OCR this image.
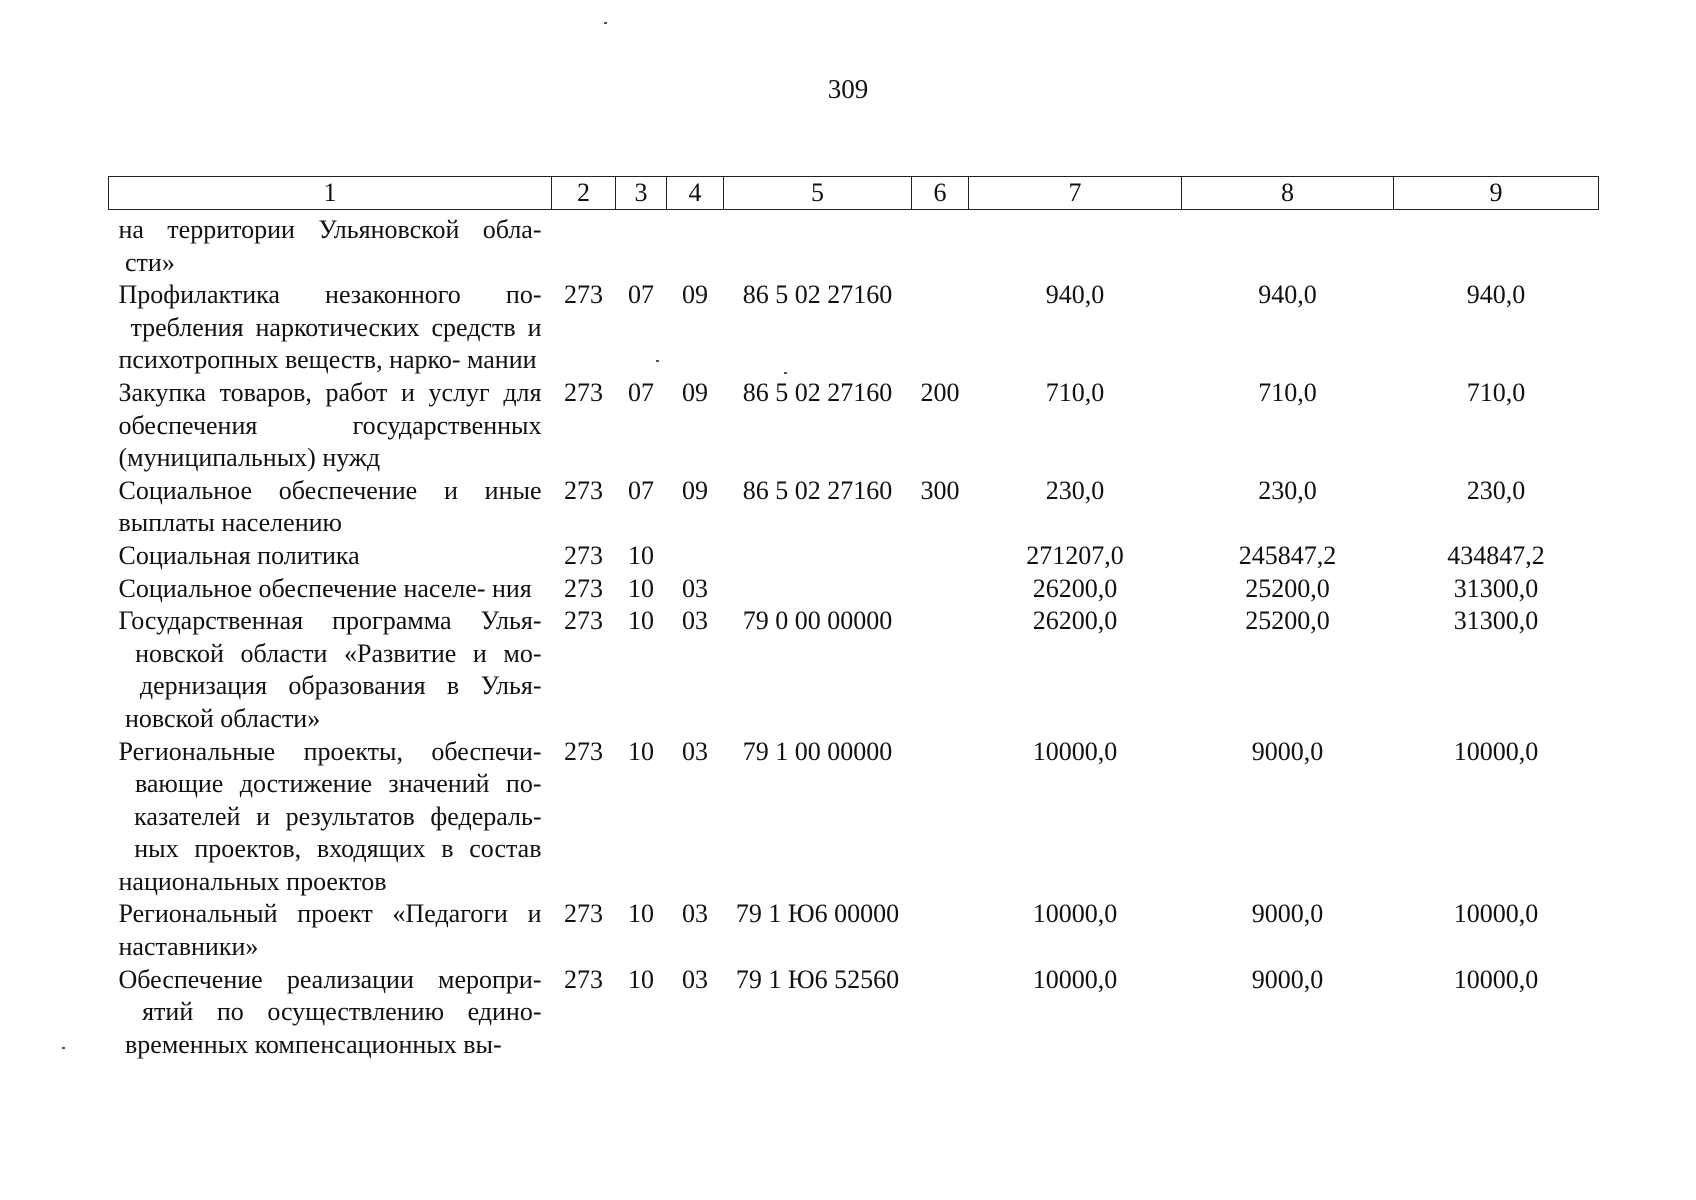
309
1	2	3	4	5	6	7	8	9
на территории Ульяновской обла- сти»								
Профилактика незаконного по- требления наркотических средств и психотропных веществ, нарко- мании	273	07	09	86 5 02 27160		940,0	940,0	940,0
Закупка товаров, работ и услуг для обеспечения государственных (муниципальных) нужд	273	07	09	86 5 02 27160	200	710,0	710,0	710,0
Социальное обеспечение и иные выплаты населению	273	07	09	86 5 02 27160	300	230,0	230,0	230,0
Социальная политика	273	10				271207,0	245847,2	434847,2
Социальное обеспечение населе- ния	273	10	03			26200,0	25200,0	31300,0
Государственная программа Улья- новской области «Развитие и мо- дернизация образования в Улья- новской области»	273	10	03	79 0 00 00000		26200,0	25200,0	31300,0
Региональные проекты, обеспечи- вающие достижение значений по- казателей и результатов федераль- ных проектов, входящих в состав национальных проектов	273	10	03	79 1 00 00000		10000,0	9000,0	10000,0
Региональный проект «Педагоги и наставники»	273	10	03	79 1 Ю6 00000		10000,0	9000,0	10000,0
Обеспечение реализации меропри- ятий по осуществлению едино- временных компенсационных вы-	273	10	03	79 1 Ю6 52560		10000,0	9000,0	10000,0
